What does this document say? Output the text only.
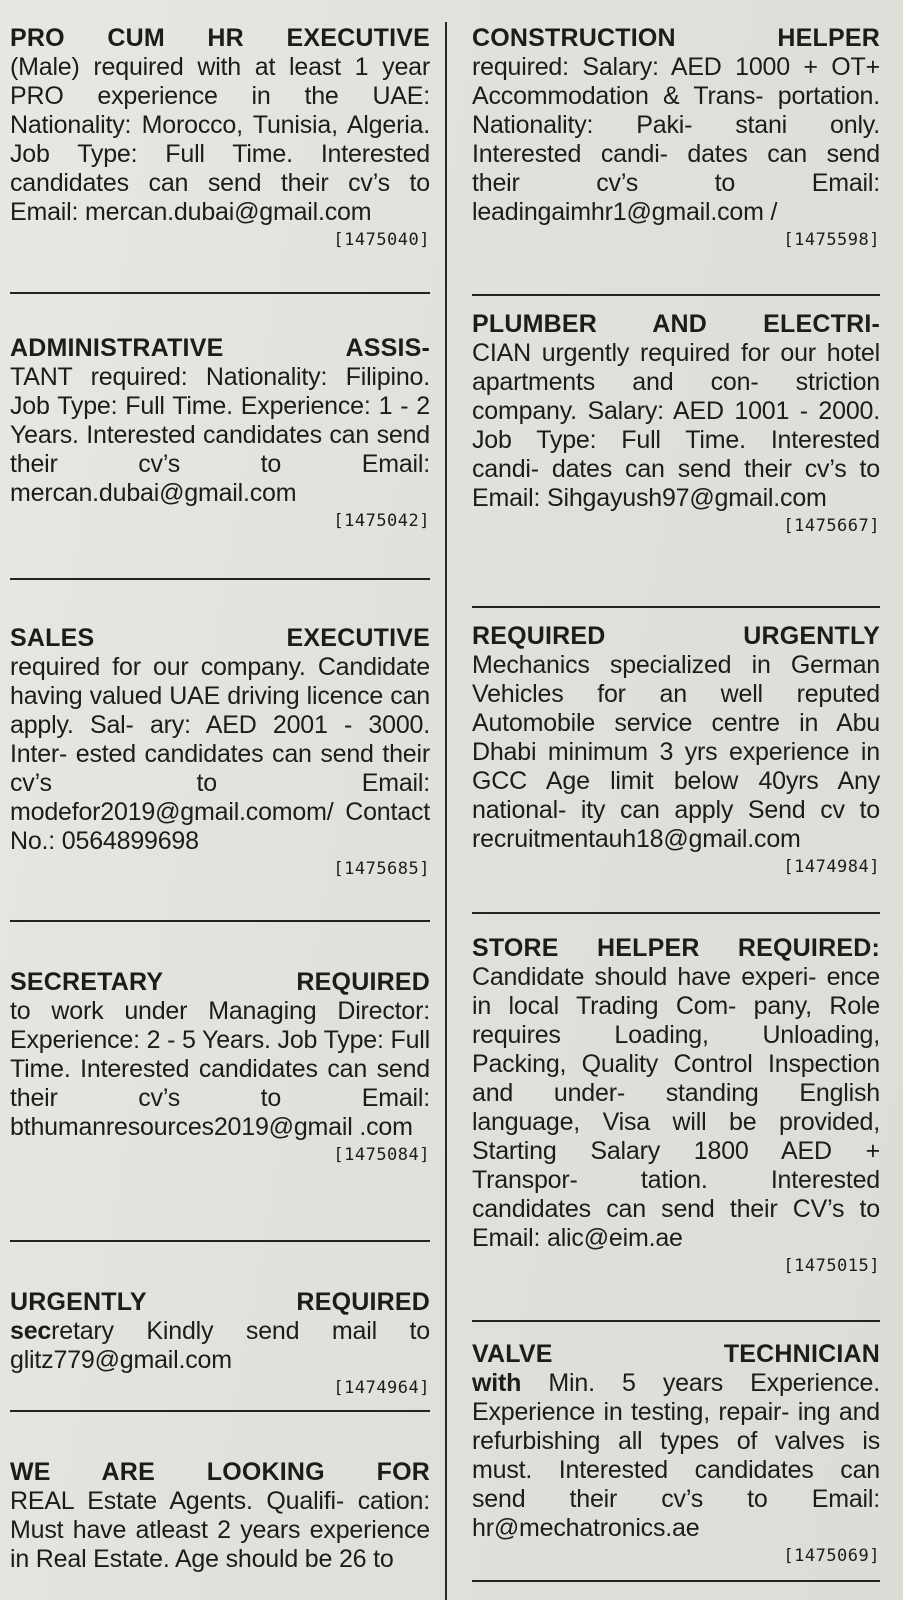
PRO CUM HR EXECUTIVE
(Male) required with at least 1 year PRO experience in the UAE: Nationality: Morocco, Tunisia, Algeria. Job Type: Full Time. Interested candidates can send their cv’s to Email: mercan.dubai@gmail.com

[1475040]

ADMINISTRATIVE ASSIS-
TANT required: Nationality: Filipino. Job Type: Full Time. Experience: 1 - 2 Years. Interested candidates can send their cv’s to Email: mercan.dubai@gmail.com

[1475042]

SALES EXECUTIVE
required for our company. Candidate having valued UAE driving licence can apply. Sal- ary: AED 2001 - 3000. Inter- ested candidates can send their cv’s to Email: modefor2019@gmail.comom/ Contact No.: 0564899698

[1475685]

SECRETARY REQUIRED
to work under Managing Director: Experience: 2 - 5 Years. Job Type: Full Time. Interested candidates can send their cv’s to Email: bthumanresources2019@gmail .com

[1475084]

URGENTLY REQUIRED
secretary Kindly send mail to glitz779@gmail.com

[1474964]

WE ARE LOOKING FOR
REAL Estate Agents. Qualifi- cation: Must have atleast 2 years experience in Real Estate. Age should be 26 to

CONSTRUCTION HELPER
required: Salary: AED 1000 + OT+ Accommodation & Trans- portation. Nationality: Paki- stani only. Interested candi- dates can send their cv’s to Email: leadingaimhr1@gmail.com /

[1475598]

PLUMBER AND ELECTRI-
CIAN urgently required for our hotel apartments and con- striction company. Salary: AED 1001 - 2000. Job Type: Full Time. Interested candi- dates can send their cv’s to Email: Sihgayush97@gmail.com

[1475667]

REQUIRED URGENTLY
Mechanics specialized in German Vehicles for an well reputed Automobile service centre in Abu Dhabi minimum 3 yrs experience in GCC Age limit below 40yrs Any national- ity can apply Send cv to recruitmentauh18@gmail.com

[1474984]

STORE HELPER REQUIRED:
Candidate should have experi- ence in local Trading Com- pany, Role requires Loading, Unloading, Packing, Quality Control Inspection and under- standing English language, Visa will be provided, Starting Salary 1800 AED + Transpor- tation. Interested candidates can send their CV’s to Email: alic@eim.ae

[1475015]

VALVE TECHNICIAN
with Min. 5 years Experience. Experience in testing, repair- ing and refurbishing all types of valves is must. Interested candidates can send their cv’s to Email: hr@mechatronics.ae

[1475069]
